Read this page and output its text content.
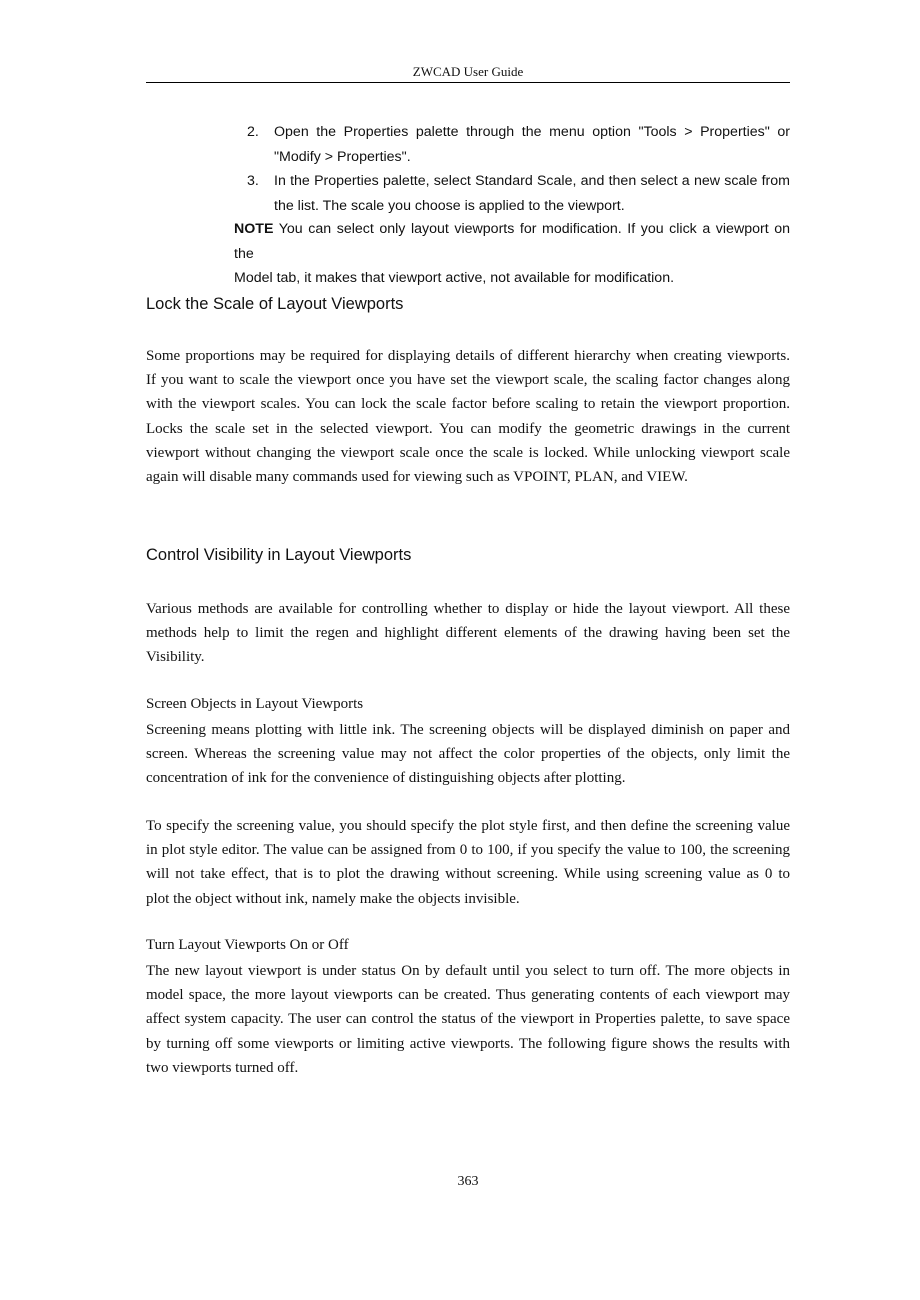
ZWCAD User Guide
2. Open the Properties palette through the menu option "Tools > Properties" or
"Modify > Properties".
3. In the Properties palette, select Standard Scale, and then select a new scale from
the list. The scale you choose is applied to the viewport.
NOTE You can select only layout viewports for modification. If you click a viewport on the
Model tab, it makes that viewport active, not available for modification.
Lock the Scale of Layout Viewports
Some proportions may be required for displaying details of different hierarchy when creating viewports.
If you want to scale the viewport once you have set the viewport scale, the scaling factor changes along
with the viewport scales. You can lock the scale factor before scaling to retain the viewport proportion.
Locks the scale set in the selected viewport. You can modify the geometric drawings in the current
viewport without changing the viewport scale once the scale is locked. While unlocking viewport scale
again will disable many commands used for viewing such as VPOINT, PLAN, and VIEW.
Control Visibility in Layout Viewports
Various methods are available for controlling whether to display or hide the layout viewport. All these
methods help to limit the regen and highlight different elements of the drawing having been set the
Visibility.
Screen Objects in Layout Viewports
Screening means plotting with little ink. The screening objects will be displayed diminish on paper and
screen. Whereas the screening value may not affect the color properties of the objects, only limit the
concentration of ink for the convenience of distinguishing objects after plotting.
To specify the screening value, you should specify the plot style first, and then define the screening value
in plot style editor. The value can be assigned from 0 to 100, if you specify the value to 100, the screening
will not take effect, that is to plot the drawing without screening. While using screening value as 0 to
plot the object without ink, namely make the objects invisible.
Turn Layout Viewports On or Off
The new layout viewport is under status On by default until you select to turn off. The more objects in
model space, the more layout viewports can be created. Thus generating contents of each viewport may
affect system capacity. The user can control the status of the viewport in Properties palette, to save space
by turning off some viewports or limiting active viewports. The following figure shows the results with
two viewports turned off.
363
